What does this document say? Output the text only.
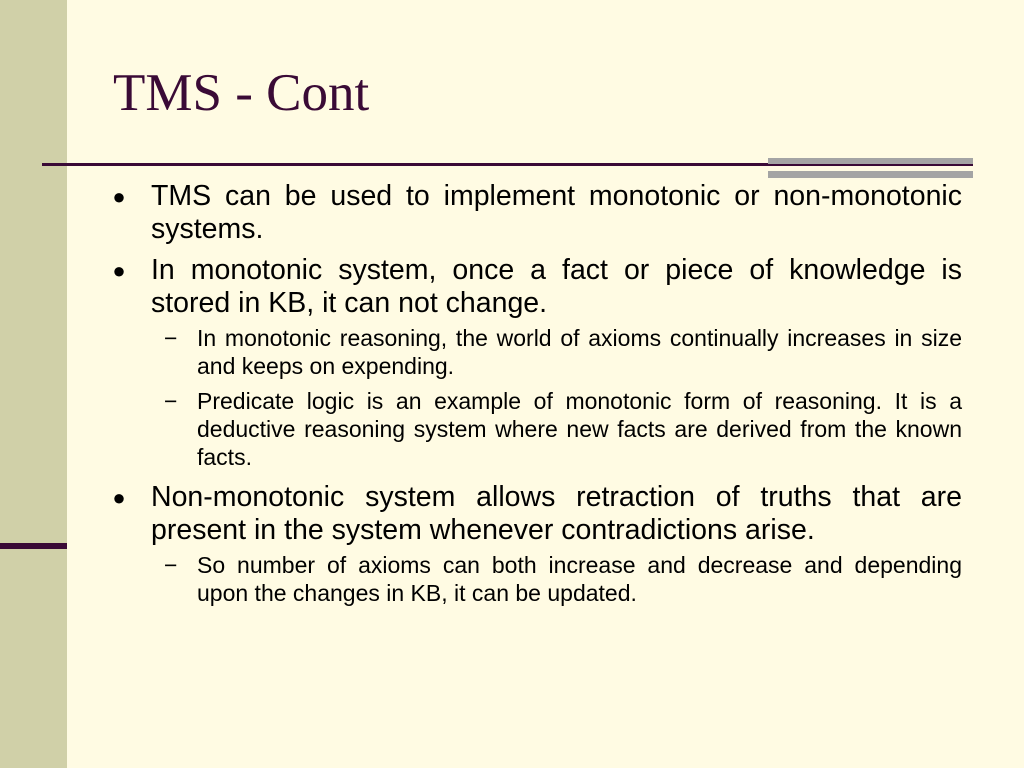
TMS - Cont
● TMS can be used to implement monotonic or non-monotonic systems.
● In monotonic system, once a fact or piece of knowledge is stored in KB, it can not change.
− In monotonic reasoning, the world of axioms continually increases in size and keeps on expending.
− Predicate logic is an example of monotonic form of reasoning. It is a deductive reasoning system where new facts are derived from the known facts.
● Non-monotonic system allows retraction of truths that are present in the system whenever contradictions arise.
− So number of axioms can both increase and decrease and depending upon the changes in KB, it can be updated.
